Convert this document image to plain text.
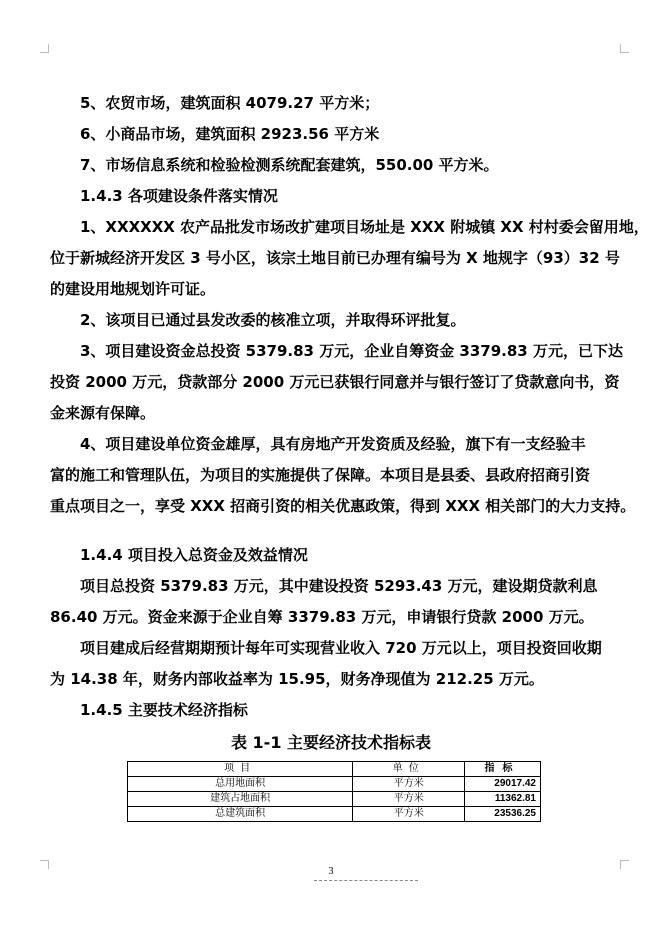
5、农贸市场，建筑面积 4079.27 平方米；
6、小商品市场，建筑面积 2923.56 平方米
7、市场信息系统和检验检测系统配套建筑，550.00 平方米。
1.4.3 各项建设条件落实情况
1、XXXXXX 农产品批发市场改扩建项目场址是 XXX 附城镇 XX 村村委会留用地，
位于新城经济开发区 3 号小区，该宗土地目前已办理有编号为 X 地规字（93）32 号
的建设用地规划许可证。
2、该项目已通过县发改委的核准立项，并取得环评批复。
3、项目建设资金总投资 5379.83 万元，企业自筹资金 3379.83 万元，已下达
投资 2000 万元，贷款部分 2000 万元已获银行同意并与银行签订了贷款意向书，资
金来源有保障。
4、项目建设单位资金雄厚，具有房地产开发资质及经验，旗下有一支经验丰
富的施工和管理队伍，为项目的实施提供了保障。本项目是县委、县政府招商引资
重点项目之一，享受 XXX 招商引资的相关优惠政策，得到 XXX 相关部门的大力支持。
1.4.4 项目投入总资金及效益情况
项目总投资 5379.83 万元，其中建设投资 5293.43 万元，建设期贷款利息
86.40 万元。资金来源于企业自筹 3379.83 万元，申请银行贷款 2000 万元。
项目建成后经营期期预计每年可实现营业收入 720 万元以上，项目投资回收期
为 14.38 年，财务内部收益率为 15.95，财务净现值为 212.25 万元。
1.4.5 主要技术经济指标
表 1-1 主要经济技术指标表
项目	单位	指标
总用地面积	平方米	29017.42
建筑占地面积	平方米	11362.81
总建筑面积	平方米	23536.25
3
